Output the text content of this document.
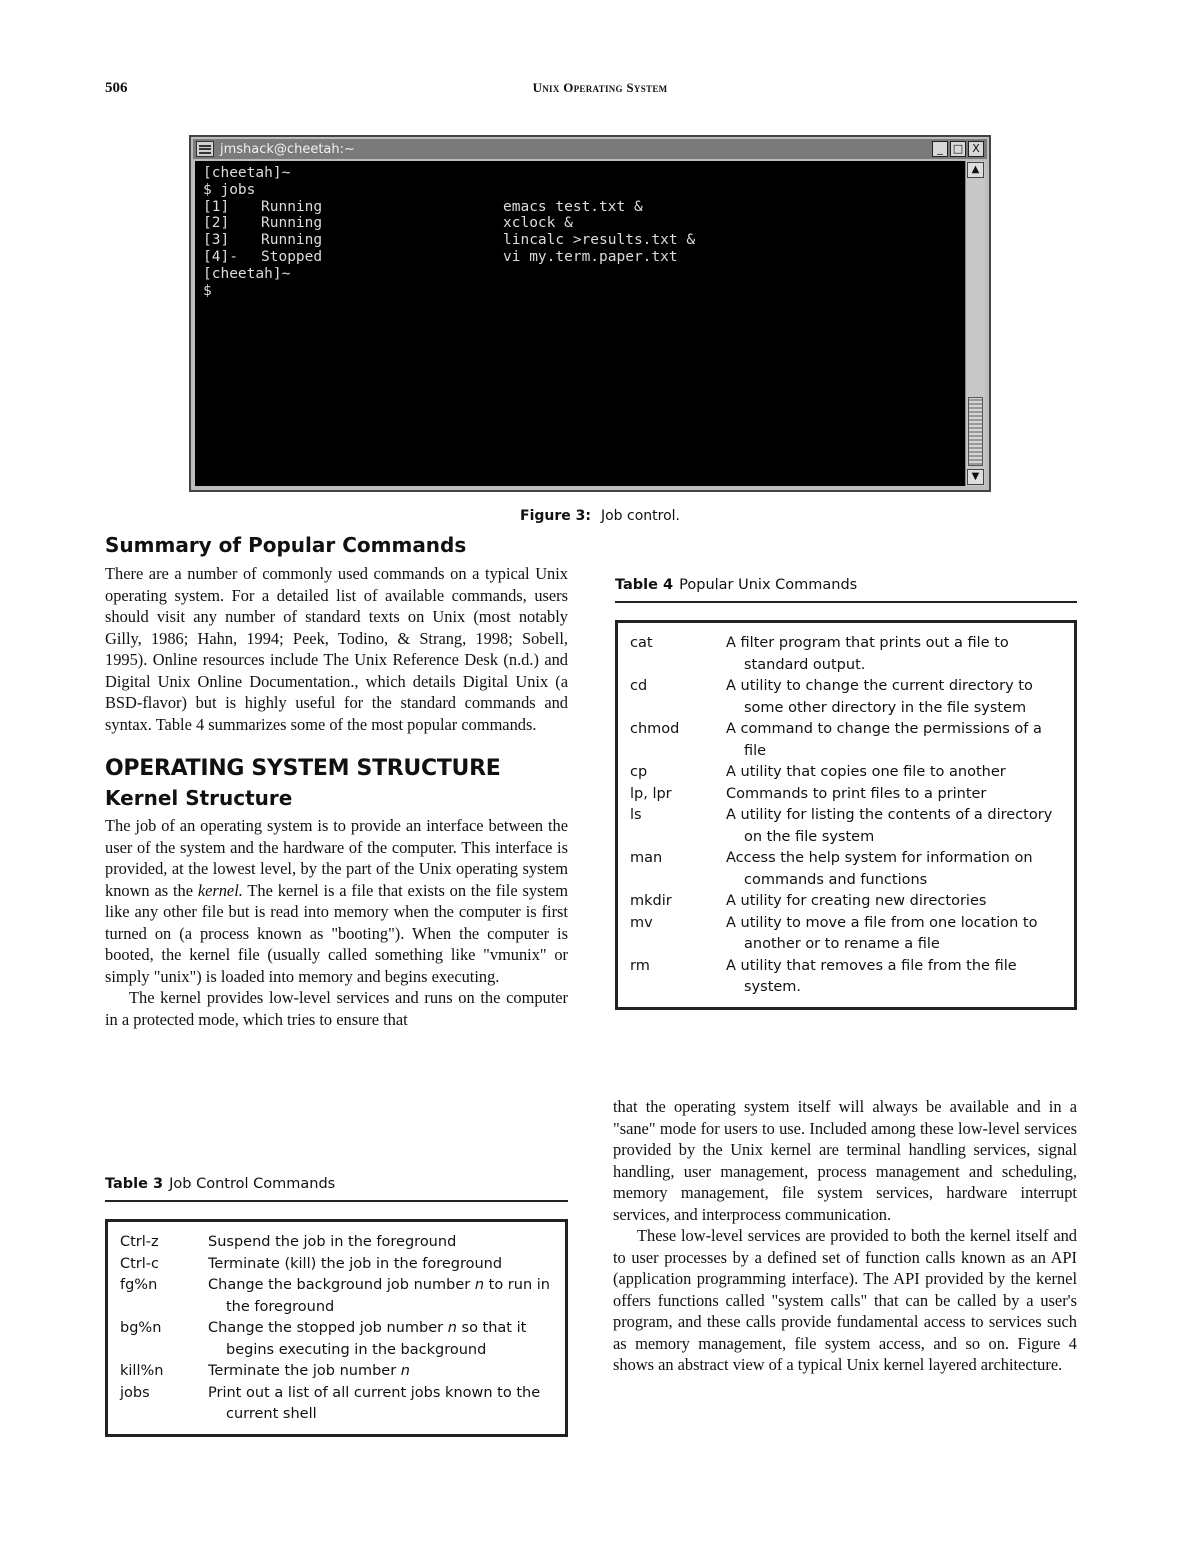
506	Unix Operating System
jmshack@cheetah:~	_ □ X
[cheetah]~
$ jobs
[1] Running	emacs test.txt &
[2] Running	xclock &
[3] Running	lincalc >results.txt &
[4]- Stopped	vi my.term.paper.txt
[cheetah]~
$
▲
▼
Figure 3: Job control.
Summary of Popular Commands

There are a number of commonly used commands on a typical Unix operating system. For a detailed list of available commands, users should visit any number of standard texts on Unix (most notably Gilly, 1986; Hahn, 1994; Peek, Todino, & Strang, 1998; Sobell, 1995). Online resources include The Unix Reference Desk (n.d.) and Digital Unix Online Documentation., which details Digital Unix (a BSD-flavor) but is highly useful for the standard commands and syntax. Table 4 summarizes some of the most popular commands.

OPERATING SYSTEM STRUCTURE
Kernel Structure

The job of an operating system is to provide an interface between the user of the system and the hardware of the computer. This interface is provided, at the lowest level, by the part of the Unix operating system known as the kernel. The kernel is a file that exists on the file system like any other file but is read into memory when the computer is first turned on (a process known as "booting"). When the computer is booted, the kernel file (usually called something like "vmunix" or simply "unix") is loaded into memory and begins executing.

The kernel provides low-level services and runs on the computer in a protected mode, which tries to ensure that

that the operating system itself will always be available and in a "sane" mode for users to use. Included among these low-level services provided by the Unix kernel are terminal handling services, signal handling, user management, process management and scheduling, memory management, file system services, hardware interrupt services, and interprocess communication.

These low-level services are provided to both the kernel itself and to user processes by a defined set of function calls known as an API (application programming interface). The API provided by the kernel offers functions called "system calls" that can be called by a user's program, and these calls provide fundamental access to services such as memory management, file system access, and so on. Figure 4 shows an abstract view of a typical Unix kernel layered architecture.

Table 3 Job Control Commands
Ctrl-z	Suspend the job in the foreground
Ctrl-c	Terminate (kill) the job in the foreground
fg%n	Change the background job number n to run in the foreground
bg%n	Change the stopped job number n so that it begins executing in the background
kill%n	Terminate the job number n
jobs	Print out a list of all current jobs known to the current shell
Table 4 Popular Unix Commands
cat	A filter program that prints out a file to standard output.
cd	A utility to change the current directory to some other directory in the file system
chmod	A command to change the permissions of a file
cp	A utility that copies one file to another
lp, lpr	Commands to print files to a printer
ls	A utility for listing the contents of a directory on the file system
man	Access the help system for information on commands and functions
mkdir	A utility for creating new directories
mv	A utility to move a file from one location to another or to rename a file
rm	A utility that removes a file from the file system.
